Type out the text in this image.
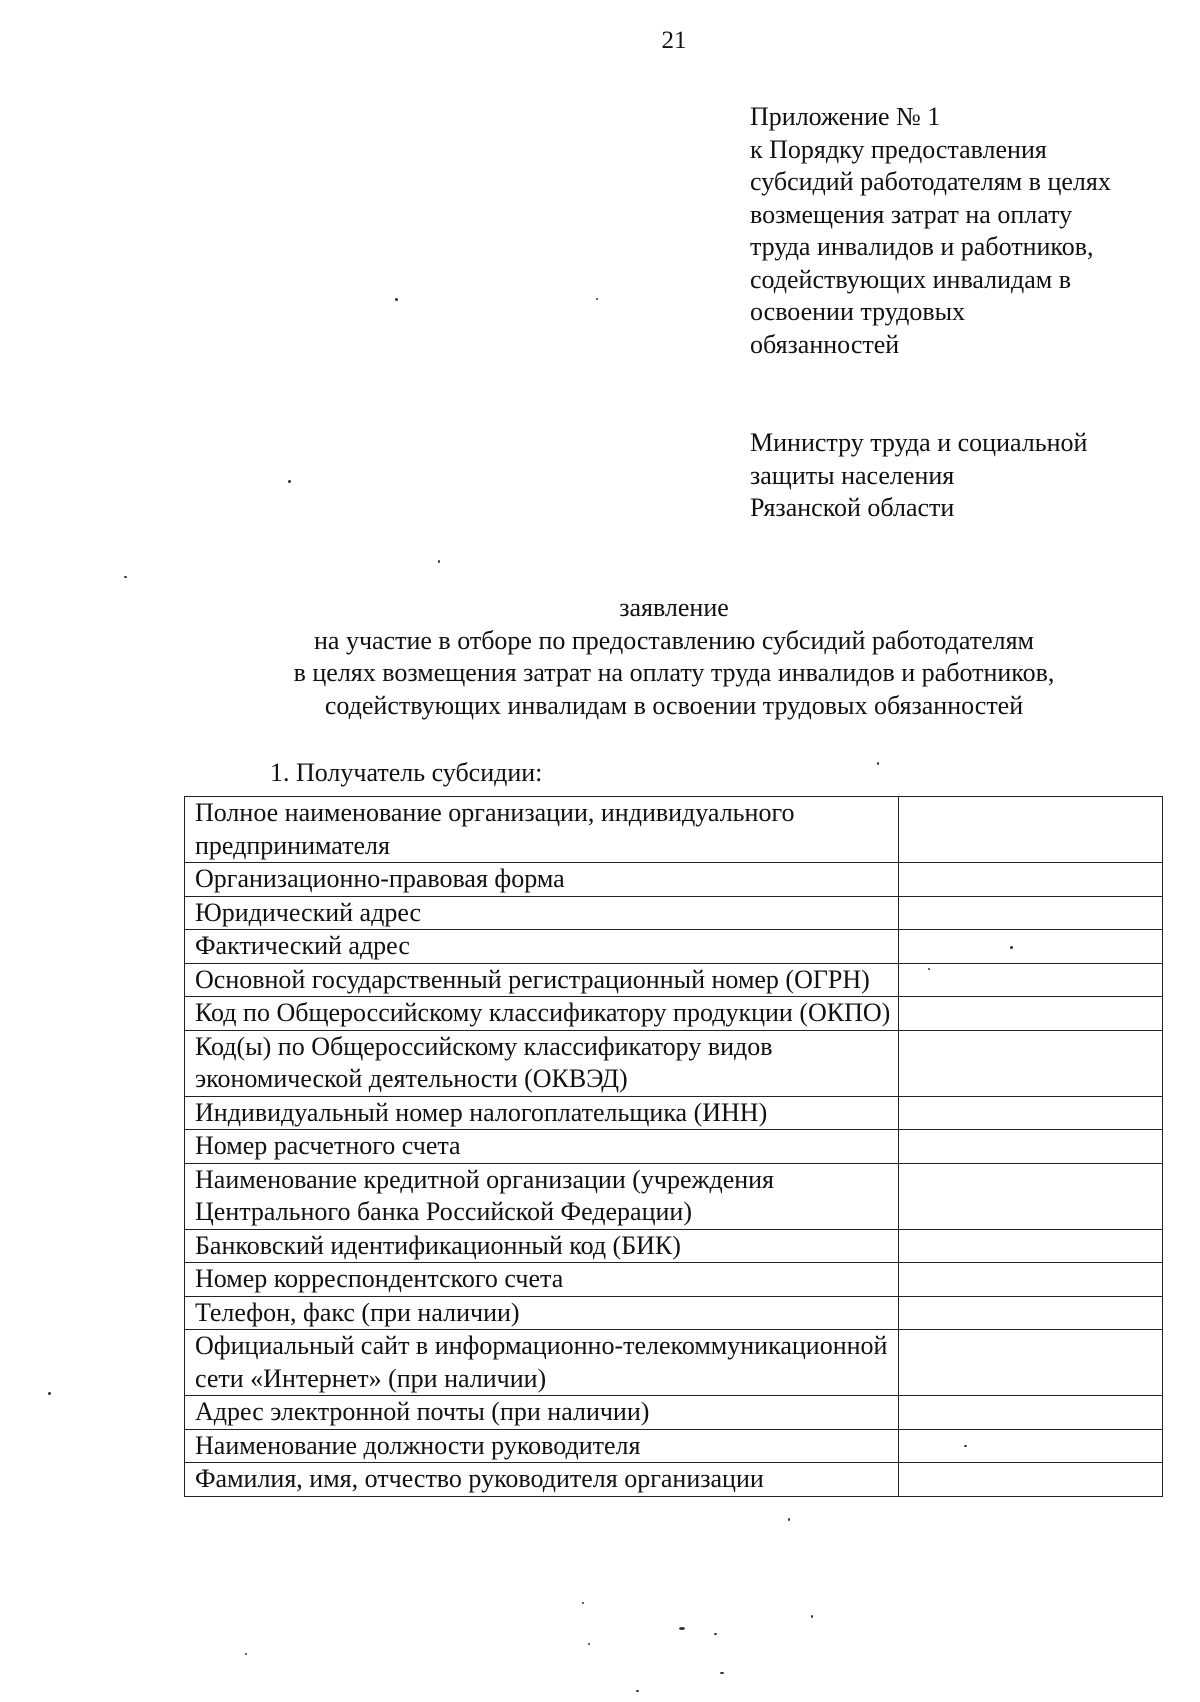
21
Приложение № 1
к Порядку предоставления
субсидий работодателям в целях
возмещения затрат на оплату
труда инвалидов и работников,
содействующих инвалидам в
освоении трудовых
обязанностей
Министру труда и социальной
защиты населения
Рязанской области
заявление
на участие в отборе по предоставлению субсидий работодателям
в целях возмещения затрат на оплату труда инвалидов и работников,
содействующих инвалидам в освоении трудовых обязанностей
1. Получатель субсидии:
Полное наименование организации, индивидуального предпринимателя	
Организационно-правовая форма	
Юридический адрес	
Фактический адрес	
Основной государственный регистрационный номер (ОГРН)	
Код по Общероссийскому классификатору продукции (ОКПО)	
Код(ы) по Общероссийскому классификатору видов экономической деятельности (ОКВЭД)	
Индивидуальный номер налогоплательщика (ИНН)	
Номер расчетного счета	
Наименование кредитной организации (учреждения Центрального банка Российской Федерации)	
Банковский идентификационный код (БИК)	
Номер корреспондентского счета	
Телефон, факс (при наличии)	
Официальный сайт в информационно-телекоммуникационной сети «Интернет» (при наличии)	
Адрес электронной почты (при наличии)	
Наименование должности руководителя	
Фамилия, имя, отчество руководителя организации	
